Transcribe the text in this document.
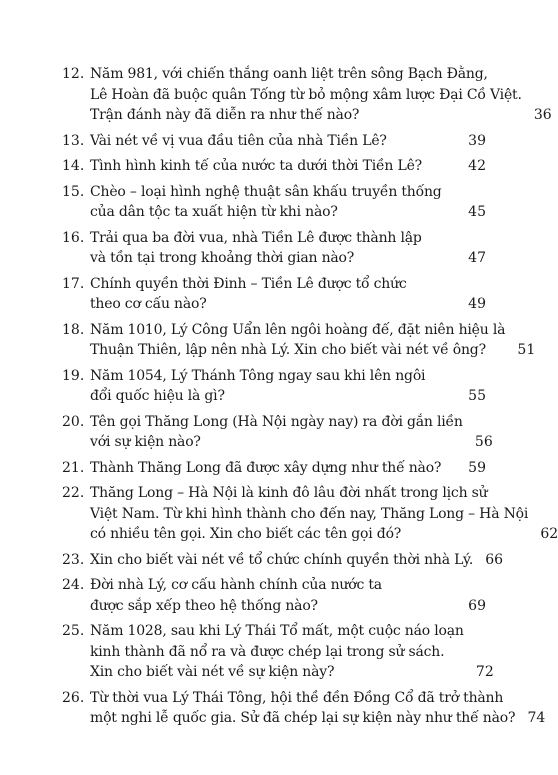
12. Năm 981, với chiến thắng oanh liệt trên sông Bạch Đằng,
Lê Hoàn đã buộc quân Tống từ bỏ mộng xâm lược Đại Cồ Việt.
Trận đánh này đã diễn ra như thế nào?	36
13. Vài nét về vị vua đầu tiên của nhà Tiền Lê?	39
14. Tình hình kinh tế của nước ta dưới thời Tiền Lê?	42
15. Chèo – loại hình nghệ thuật sân khấu truyền thống
của dân tộc ta xuất hiện từ khi nào?	45
16. Trải qua ba đời vua, nhà Tiền Lê được thành lập
và tồn tại trong khoảng thời gian nào?	47
17. Chính quyền thời Đinh – Tiền Lê được tổ chức
theo cơ cấu nào?	49
18. Năm 1010, Lý Công Uẩn lên ngôi hoàng đế, đặt niên hiệu là
Thuận Thiên, lập nên nhà Lý. Xin cho biết vài nét về ông?	51
19. Năm 1054, Lý Thánh Tông ngay sau khi lên ngôi
đổi quốc hiệu là gì?	55
20. Tên gọi Thăng Long (Hà Nội ngày nay) ra đời gắn liền
với sự kiện nào?	56
21. Thành Thăng Long đã được xây dựng như thế nào?	59
22. Thăng Long – Hà Nội là kinh đô lâu đời nhất trong lịch sử
Việt Nam. Từ khi hình thành cho đến nay, Thăng Long – Hà Nội
có nhiều tên gọi. Xin cho biết các tên gọi đó?	62
23. Xin cho biết vài nét về tổ chức chính quyền thời nhà Lý. 66
24. Đời nhà Lý, cơ cấu hành chính của nước ta
được sắp xếp theo hệ thống nào?	69
25. Năm 1028, sau khi Lý Thái Tổ mất, một cuộc náo loạn
kinh thành đã nổ ra và được chép lại trong sử sách.
Xin cho biết vài nét về sự kiện này?	72
26. Từ thời vua Lý Thái Tông, hội thề đền Đồng Cổ đã trở thành
một nghi lễ quốc gia. Sử đã chép lại sự kiện này như thế nào? 74
